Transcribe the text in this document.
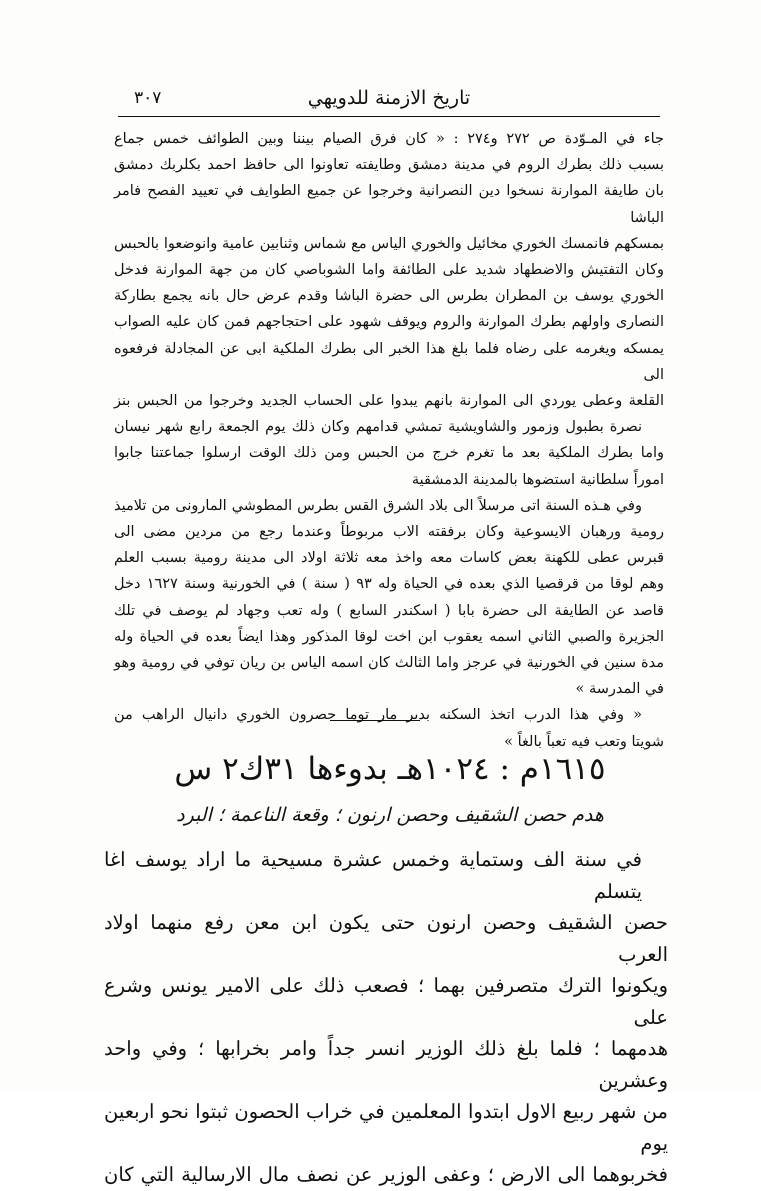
تاريخ الازمنة للدويهي
٣٠٧

جاء في المـوّدة ص ٢٧٢ و٢٧٤ : « كان فرق الصيام بيننا وبين الطوائف خمس جماع
بسبب ذلك بطرك الروم في مدينة دمشق وطايفته تعاونوا الى حافظ احمد بكلربك دمشق
بان طايفة الموارنة نسخوا دين النصرانية وخرجوا عن جميع الطوايف في تعييد الفصح فامر الباشا
بمسكهم فانمسك الخوري مخائيل والخوري الياس مع شماس وثنابين عامية وانوضعوا بالحبس
وكان التفتيش والاضطهاد شديد على الطائفة واما الشوباصي كان من جهة الموارنة فدخل
الخوري يوسف بن المطران بطرس الى حضرة الباشا وقدم عرض حال بانه يجمع بطاركة
النصارى واولهم بطرك الموارنة والروم ويوقف شهود على احتجاجهم فمن كان عليه الصواب
يمسكه ويغرمه على رضاه فلما بلغ هذا الخبر الى بطرك الملكية ابى عن المجادلة فرفعوه الى
القلعة وعطى يوردي الى الموارنة بانهم يبدوا على الحساب الجديد وخرجوا من الحبس بنز
نصرة بطبول وزمور والشاويشية تمشي قدامهم وكان ذلك يوم الجمعة رابع شهر نيسان
واما بطرك الملكية بعد ما تغرم خرج من الحبس ومن ذلك الوقت ارسلوا جماعتنا جابوا
اموراً سلطانية استضوها بالمدينة الدمشقية

وفي هـذه السنة اتى مرسلاً الى بلاد الشرق القس بطرس المطوشي المارونى من تلاميذ
رومية ورهبان الايسوعية وكان برفقته الاب مربوطاً وعندما رجع من مردين مضى الى
قبرس عطى للكهنة بعض كاسات معه واخذ معه ثلاثة اولاد الى مدينة رومية بسبب العلم
وهم لوقا من قرقصيا الذي بعده في الحياة وله ٩٣ ( سنة ) في الخورنية وسنة ١٦٢٧ دخل
قاصد عن الطايفة الى حضرة بابا ( اسكندر السابع ) وله تعب وجهاد لم يوصف في تلك
الجزيرة والصبي الثاني اسمه يعقوب ابن اخت لوقا المذكور وهذا ايضاً بعده في الحياة وله
مدة سنين في الخورنية في عرجز واما الثالث كان اسمه الياس بن ريان توفي في رومية وهو
في المدرسة »

« وفي هذا الدرب اتخذ السكنه بدير مار توما حصرون الخوري دانيال الراهب من
شويتا وتعب فيه تعباً بالغاً »

١٦١٥م : ١٠٢٤هـ بدوءها ٣١ك٢ س
هدم حصن الشقيف وحصن ارنون ؛ وقعة الناعمة ؛ البرد

في سنة الف وستماية وخمس عشرة مسيحية ما اراد يوسف اغا يتسلم
حصن الشقيف وحصن ارنون حتى يكون ابن معن رفع منهما اولاد العرب
ويكونوا الترك متصرفين بهما ؛ فصعب ذلك على الامير يونس وشرع على
هدمهما ؛ فلما بلغ ذلك الوزير انسر جداً وامر بخرابها ؛ وفي واحد وعشرين
من شهر ربيع الاول ابتدوا المعلمين في خراب الحصون ثبتوا نحو اربعين يوم
فخربوهما الى الارض ؛ وعفى الوزير عن نصف مال الارسالية التي كان
